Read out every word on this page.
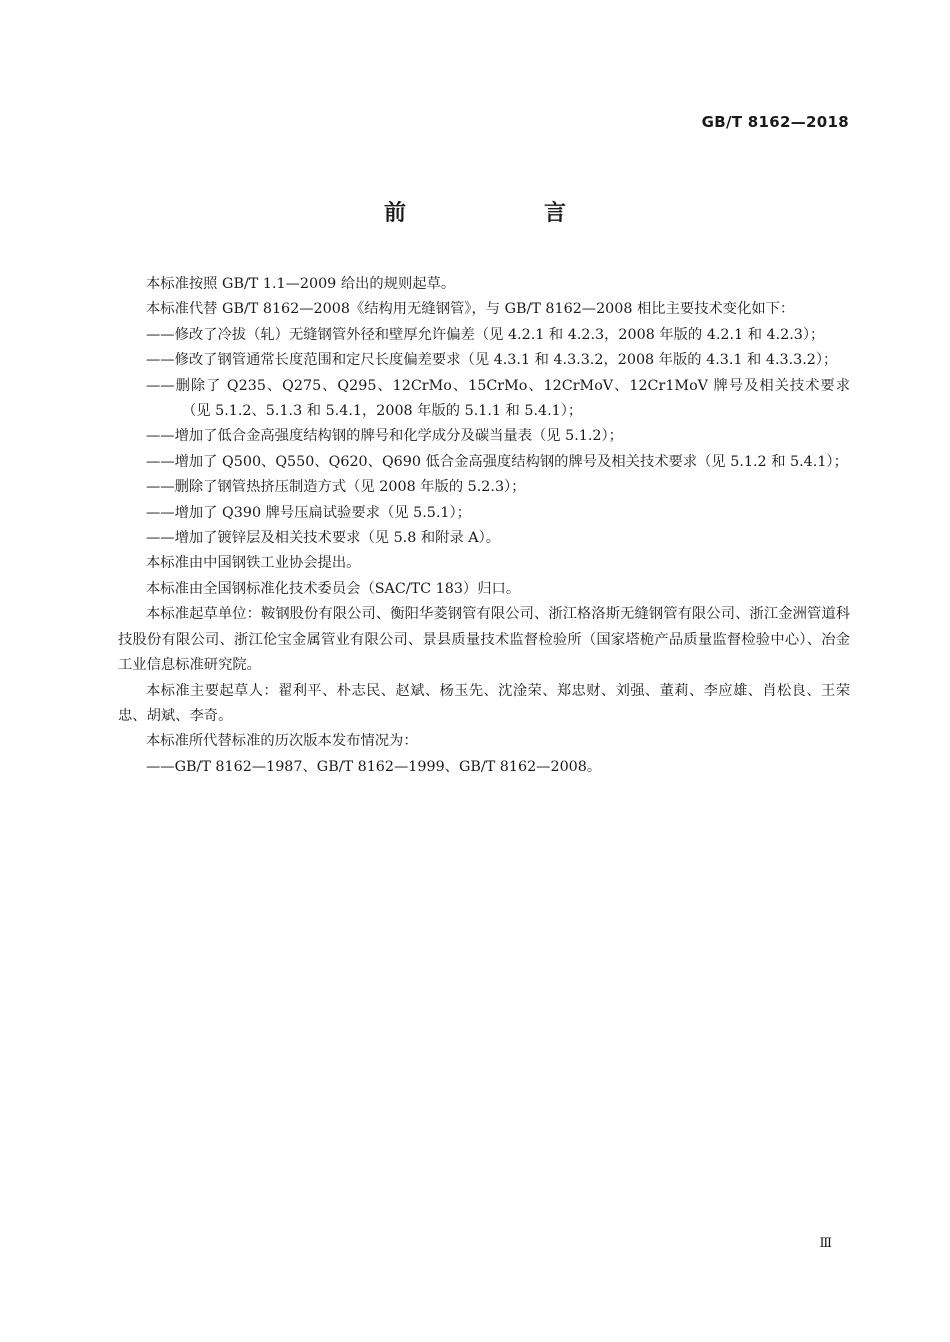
GB/T 8162—2018
前　言

本标准按照 GB/T 1.1—2009 给出的规则起草。

本标准代替 GB/T 8162—2008《结构用无缝钢管》，与 GB/T 8162—2008 相比主要技术变化如下：

——修改了冷拔（轧）无缝钢管外径和壁厚允许偏差（见 4.2.1 和 4.2.3，2008 年版的 4.2.1 和 4.2.3）；

——修改了钢管通常长度范围和定尺长度偏差要求（见 4.3.1 和 4.3.3.2，2008 年版的 4.3.1 和 4.3.3.2）；

——删除了 Q235、Q275、Q295、12CrMo、15CrMo、12CrMoV、12Cr1MoV 牌号及相关技术要求（见 5.1.2、5.1.3 和 5.4.1，2008 年版的 5.1.1 和 5.4.1）；

——增加了低合金高强度结构钢的牌号和化学成分及碳当量表（见 5.1.2）；

——增加了 Q500、Q550、Q620、Q690 低合金高强度结构钢的牌号及相关技术要求（见 5.1.2 和 5.4.1）；

——删除了钢管热挤压制造方式（见 2008 年版的 5.2.3）；

——增加了 Q390 牌号压扁试验要求（见 5.5.1）；

——增加了镀锌层及相关技术要求（见 5.8 和附录 A）。

本标准由中国钢铁工业协会提出。

本标准由全国钢标准化技术委员会（SAC/TC 183）归口。

本标准起草单位：鞍钢股份有限公司、衡阳华菱钢管有限公司、浙江格洛斯无缝钢管有限公司、浙江金洲管道科技股份有限公司、浙江伦宝金属管业有限公司、景县质量技术监督检验所（国家塔桅产品质量监督检验中心）、冶金工业信息标准研究院。

本标准主要起草人：翟利平、朴志民、赵斌、杨玉先、沈淦荣、郑忠财、刘强、董莉、李应雄、肖松良、王荣忠、胡斌、李奇。

本标准所代替标准的历次版本发布情况为：

——GB/T 8162—1987、GB/T 8162—1999、GB/T 8162—2008。

Ⅲ
